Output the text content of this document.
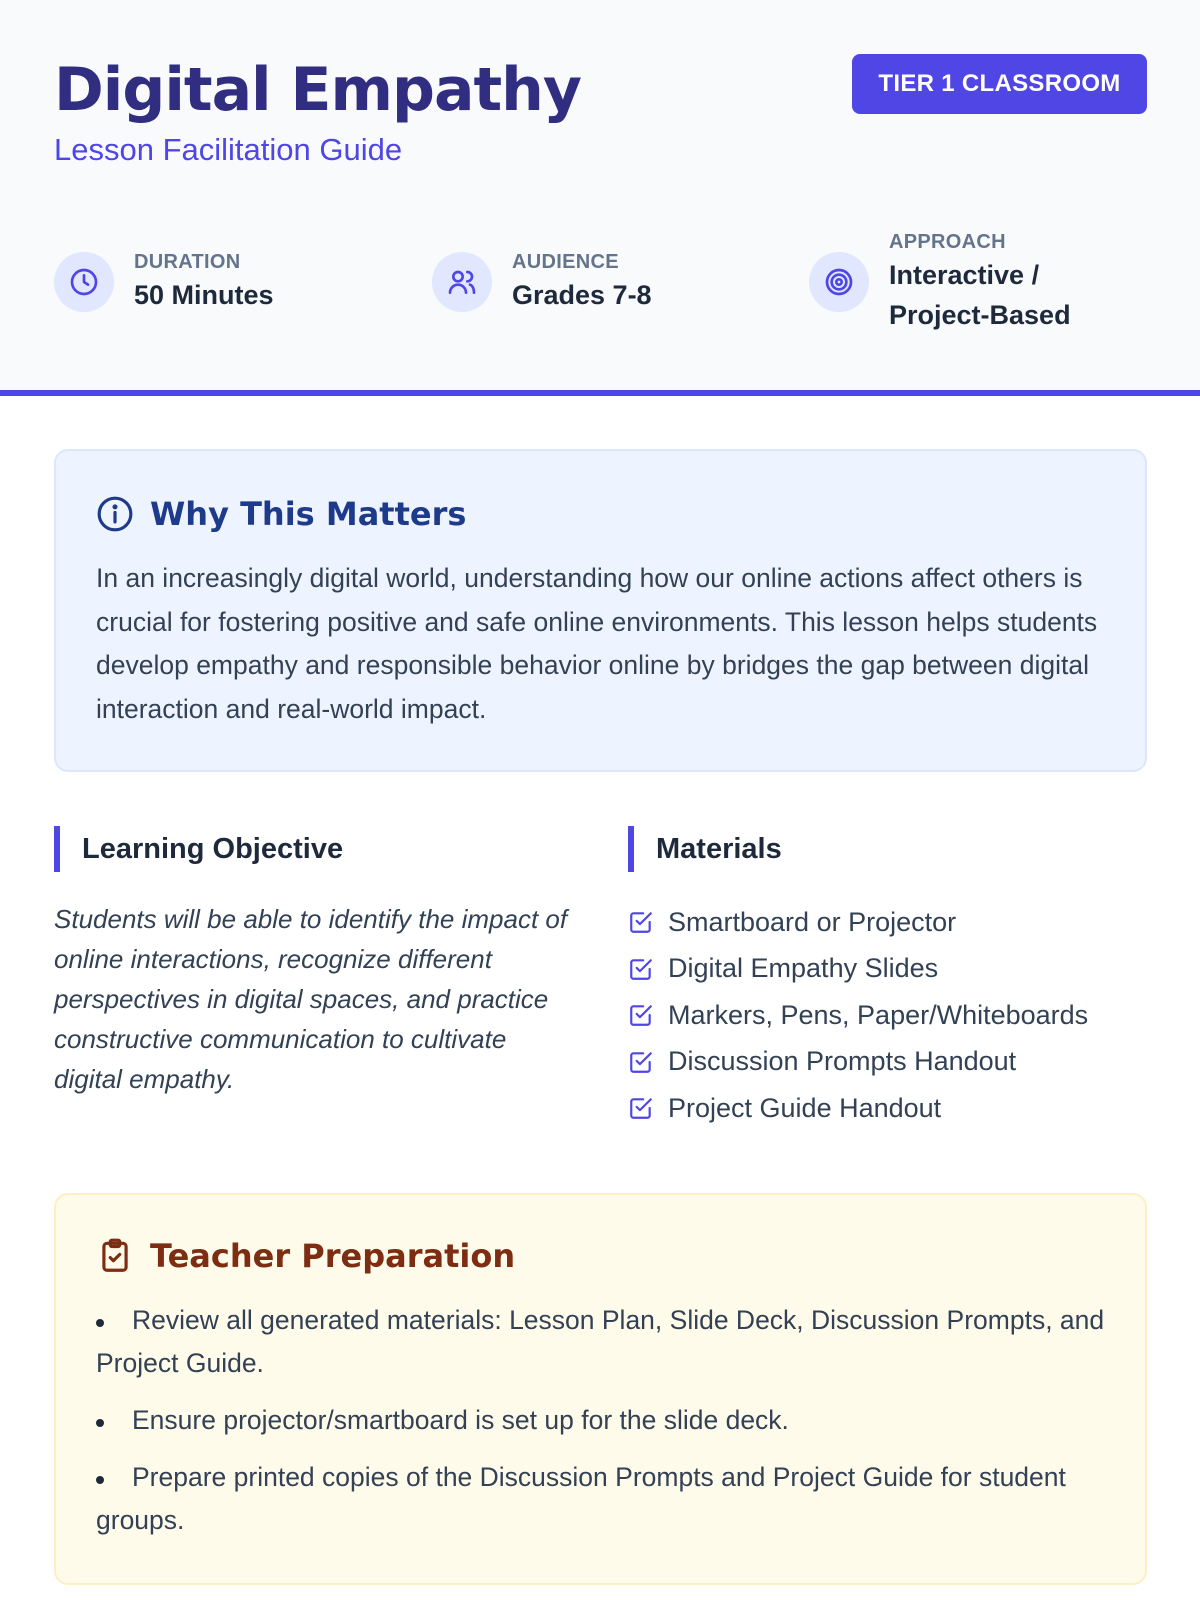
Digital Empathy
Lesson Facilitation Guide
TIER 1 CLASSROOM
DURATION
50 Minutes
AUDIENCE
Grades 7-8
APPROACH
Interactive / Project-Based
Why This Matters

In an increasingly digital world, understanding how our online actions affect others is crucial for fostering positive and safe online environments. This lesson helps students develop empathy and responsible behavior online by bridges the gap between digital interaction and real-world impact.

Learning Objective

Students will be able to identify the impact of online interactions, recognize different perspectives in digital spaces, and practice constructive communication to cultivate digital empathy.

Materials
Smartboard or Projector
Digital Empathy Slides
Markers, Pens, Paper/Whiteboards
Discussion Prompts Handout
Project Guide Handout
Teacher Preparation
Review all generated materials: Lesson Plan, Slide Deck, Discussion Prompts, and Project Guide.
Ensure projector/smartboard is set up for the slide deck.
Prepare printed copies of the Discussion Prompts and Project Guide for student groups.
